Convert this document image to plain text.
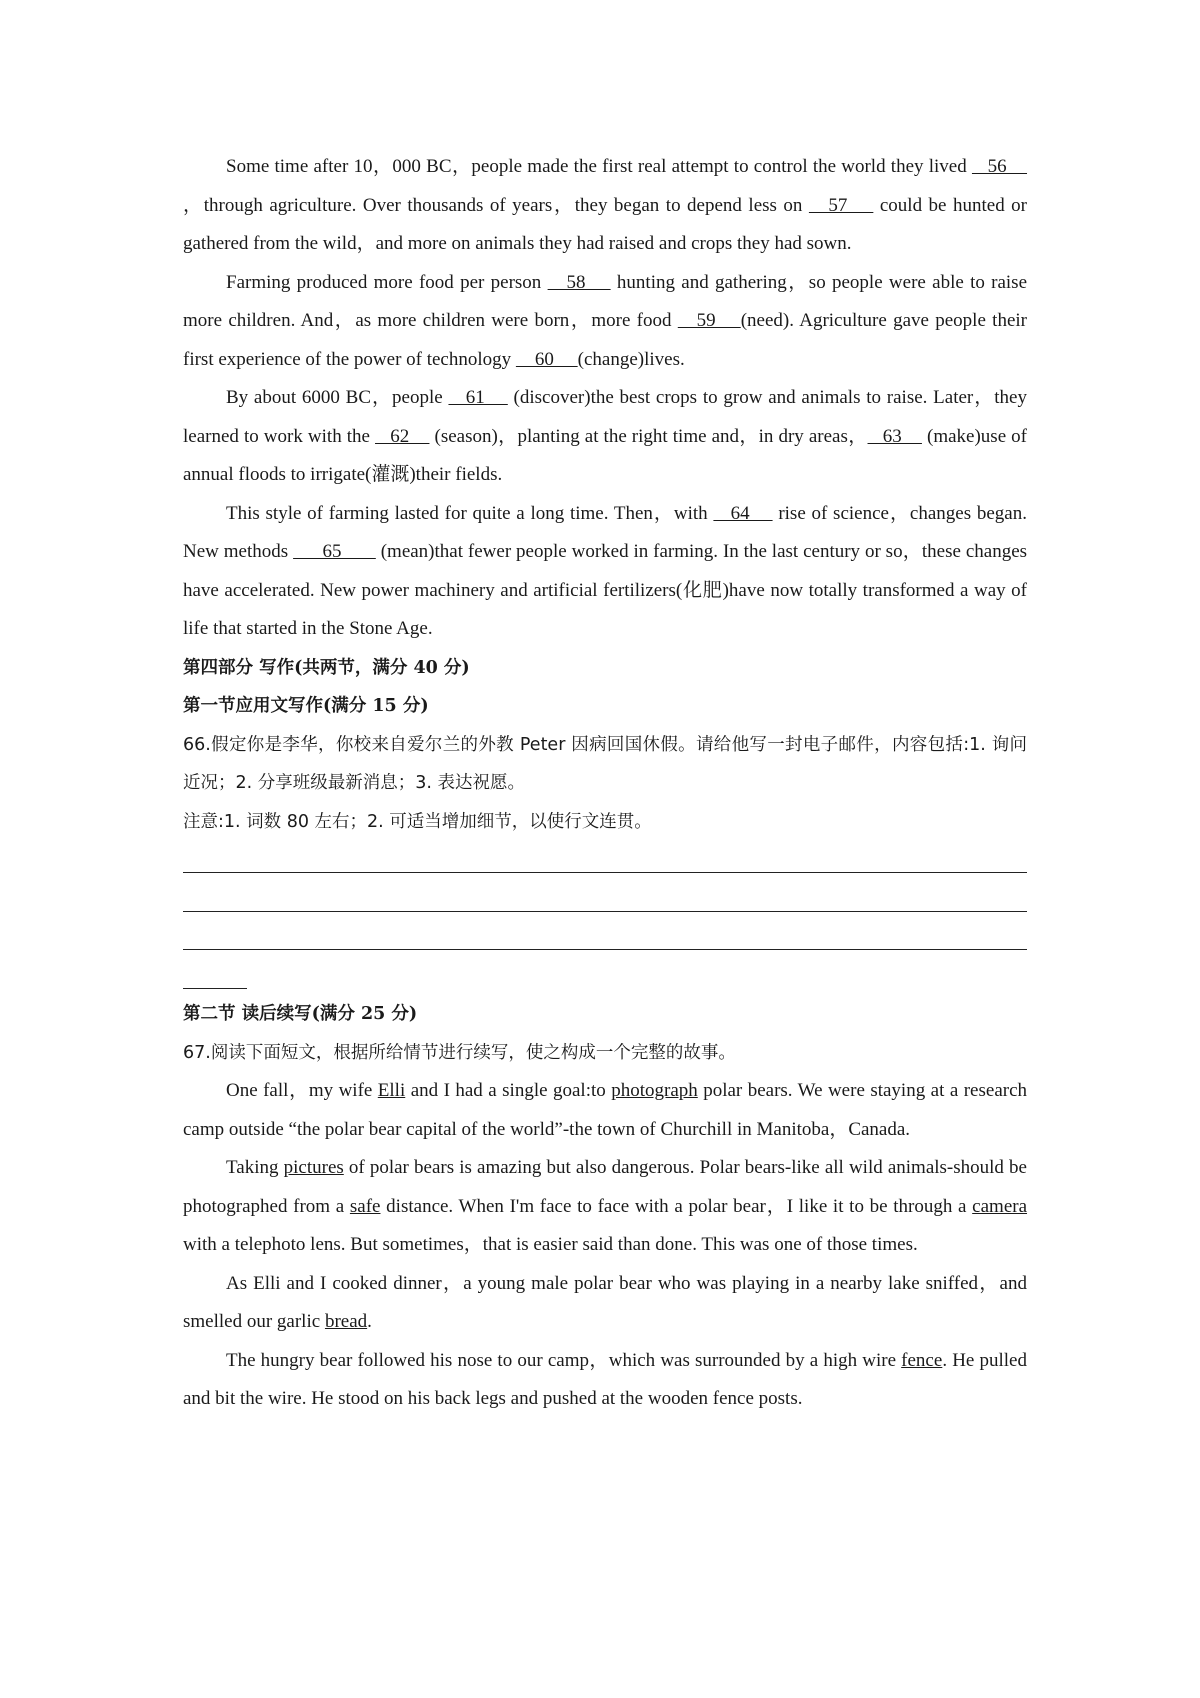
Some time after 10，000 BC，people made the first real attempt to control the world they lived    56     ，through agriculture. Over thousands of years，they began to depend less on    57     could be hunted or gathered from the wild，and more on animals they had raised and crops they had sown.

Farming produced more food per person    58     hunting and gathering，so people were able to raise more children. And，as more children were born，more food    59    (need). Agriculture gave people their first experience of the power of technology     60     (change)lives.

By about 6000 BC，people    61     (discover)the best crops to grow and animals to raise. Later，they learned to work with the    62     (season)，planting at the right time and，in dry areas，   63     (make)use of annual floods to irrigate(灌溉)their fields.

This style of farming lasted for quite a long time. Then，with    64     rise of science，changes began. New methods       65        (mean)that fewer people worked in farming. In the last century or so，these changes have accelerated. New power machinery and artificial fertilizers(化肥)have now totally transformed a way of life that started in the Stone Age.

第四部分 写作(共两节，满分 40 分)

第一节应用文写作(满分 15 分)

66.假定你是李华，你校来自爱尔兰的外教 Peter 因病回国休假。请给他写一封电子邮件，内容包括:1. 询问近况；2. 分享班级最新消息；3. 表达祝愿。

注意:1. 词数 80 左右；2. 可适当增加细节，以使行文连贯。

第二节 读后续写(满分 25 分)

67.阅读下面短文，根据所给情节进行续写，使之构成一个完整的故事。

One fall，my wife Elli and I had a single goal:to photograph polar bears. We were staying at a research camp outside “the polar bear capital of the world”-the town of Churchill in Manitoba，Canada.

Taking pictures of polar bears is amazing but also dangerous. Polar bears-like all wild animals-should be photographed from a safe distance. When I'm face to face with a polar bear，I like it to be through a camera with a telephoto lens. But sometimes，that is easier said than done. This was one of those times.

As Elli and I cooked dinner，a young male polar bear who was playing in a nearby lake sniffed，and smelled our garlic bread.

The hungry bear followed his nose to our camp，which was surrounded by a high wire fence. He pulled and bit the wire. He stood on his back legs and pushed at the wooden fence posts.
